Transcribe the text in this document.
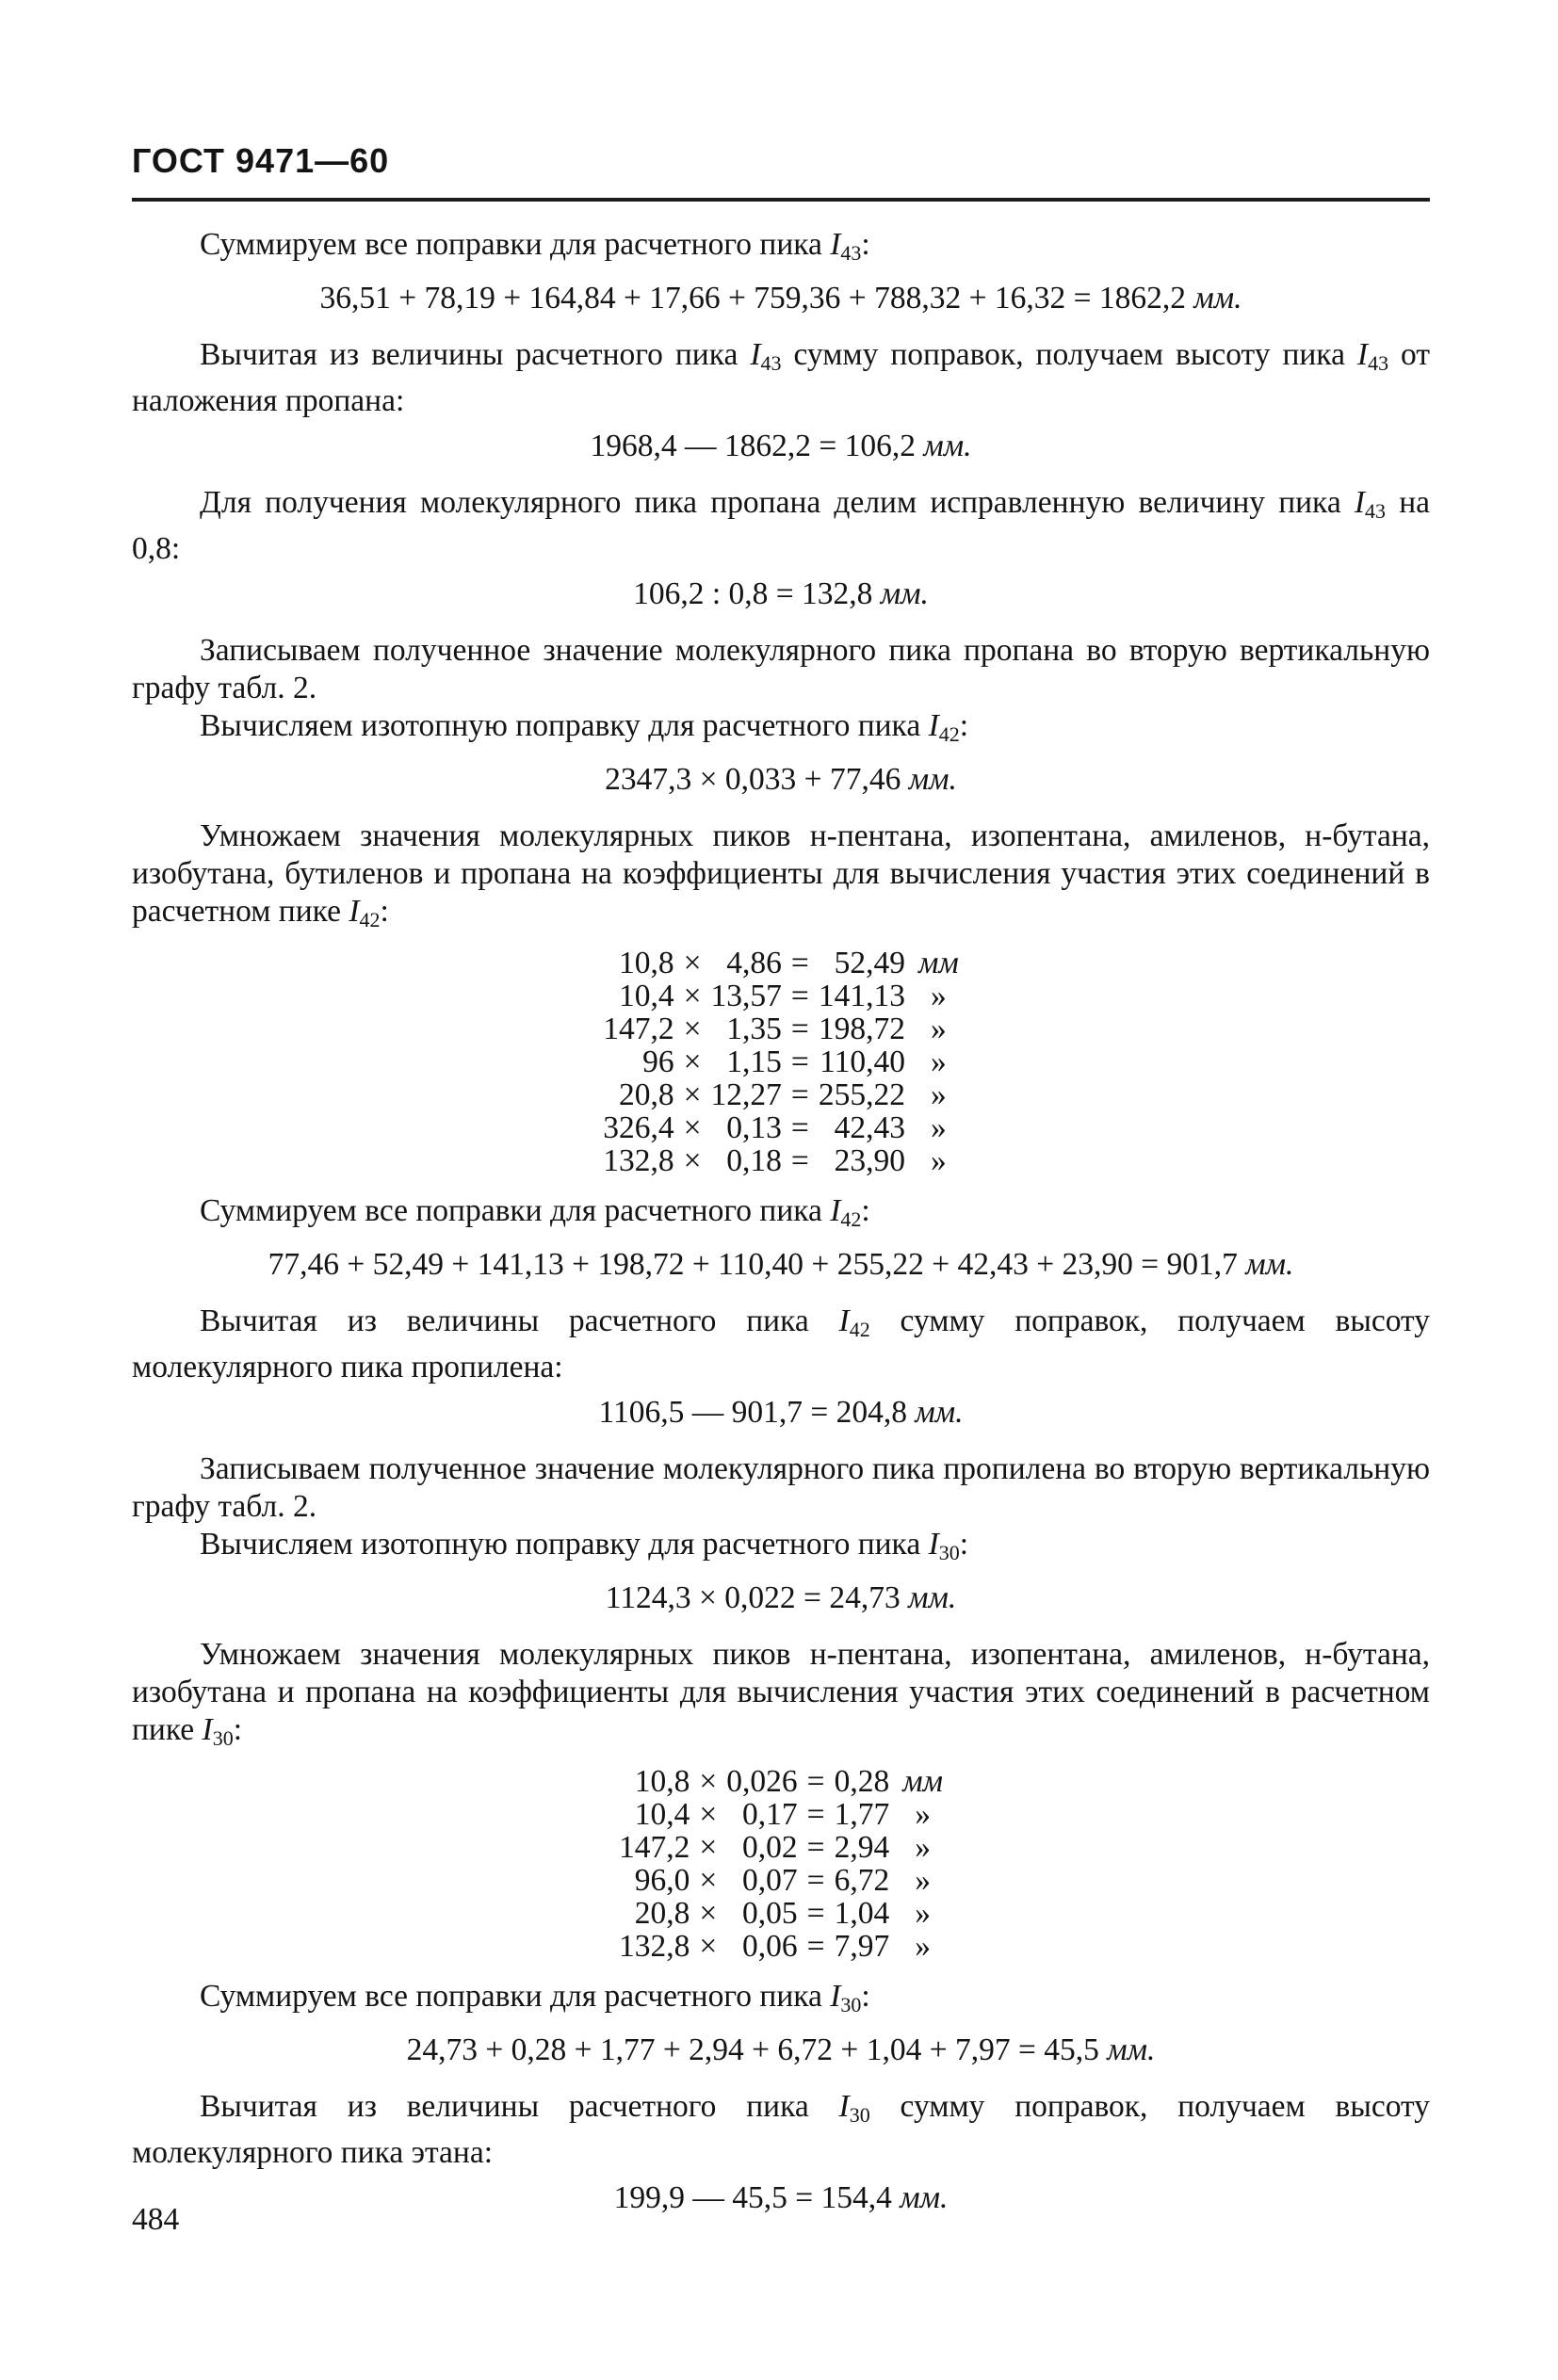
ГОСТ 9471—60

Суммируем все поправки для расчетного пика $I_{43}$:

36,51 + 78,19 + 164,84 + 17,66 + 759,36 + 788,32 + 16,32 = 1862,2 мм.

Вычитая из величины расчетного пика $I_{43}$ сумму поправок, получаем высоту пика $I_{43}$ от наложения пропана:

1968,4 — 1862,2 = 106,2 мм.

Для получения молекулярного пика пропана делим исправленную величину пика $I_{43}$ на 0,8:

106,2 : 0,8 = 132,8 мм.

Записываем полученное значение молекулярного пика пропана во вторую вертикальную графу табл. 2.

Вычисляем изотопную поправку для расчетного пика $I_{42}$:

2347,3 × 0,033 + 77,46 мм.

Умножаем значения молекулярных пиков н-пентана, изопентана, амиленов, н-бутана, изобутана, бутиленов и пропана на коэффициенты для вычисления участия этих соединений в расчетном пике $I_{42}$:

10,8	×	4,86	=	52,49	мм
10,4	×	13,57	=	141,13	»
147,2	×	1,35	=	198,72	»
96	×	1,15	=	110,40	»
20,8	×	12,27	=	255,22	»
326,4	×	0,13	=	42,43	»
132,8	×	0,18	=	23,90	»

Суммируем все поправки для расчетного пика $I_{42}$:

77,46 + 52,49 + 141,13 + 198,72 + 110,40 + 255,22 + 42,43 + 23,90 = 901,7 мм.

Вычитая из величины расчетного пика $I_{42}$ сумму поправок, получаем высоту молекулярного пика пропилена:

1106,5 — 901,7 = 204,8 мм.

Записываем полученное значение молекулярного пика пропилена во вторую вертикальную графу табл. 2.

Вычисляем изотопную поправку для расчетного пика $I_{30}$:

1124,3 × 0,022 = 24,73 мм.

Умножаем значения молекулярных пиков н-пентана, изопентана, амиленов, н-бутана, изобутана и пропана на коэффициенты для вычисления участия этих соединений в расчетном пике $I_{30}$:

10,8	×	0,026	=	0,28	мм
10,4	×	0,17	=	1,77	»
147,2	×	0,02	=	2,94	»
96,0	×	0,07	=	6,72	»
20,8	×	0,05	=	1,04	»
132,8	×	0,06	=	7,97	»

Суммируем все поправки для расчетного пика $I_{30}$:

24,73 + 0,28 + 1,77 + 2,94 + 6,72 + 1,04 + 7,97 = 45,5 мм.

Вычитая из величины расчетного пика $I_{30}$ сумму поправок, получаем высоту молекулярного пика этана:

199,9 — 45,5 = 154,4 мм.
484
